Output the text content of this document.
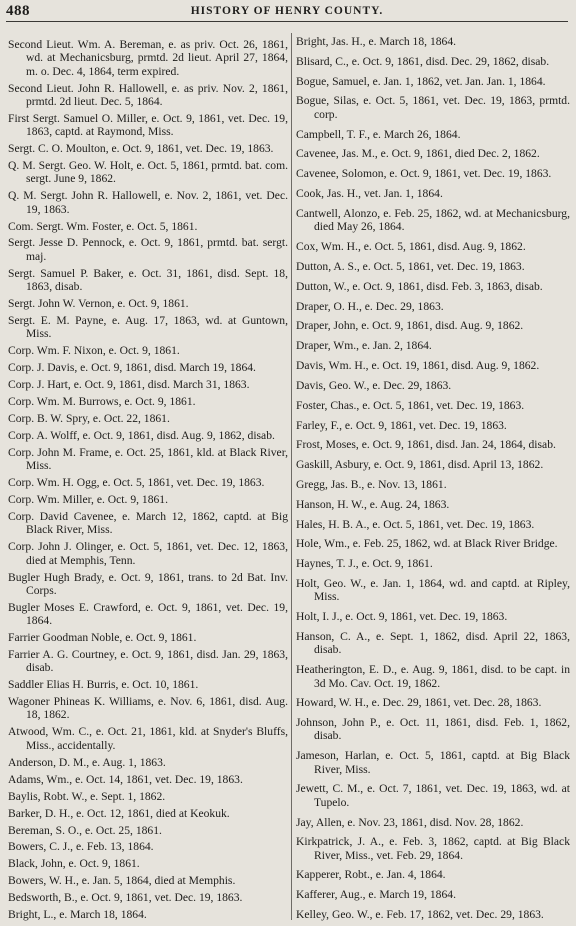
488	HISTORY OF HENRY COUNTY.
Second Lieut. Wm. A. Bereman, e. as priv. Oct. 26, 1861, wd. at Mechanicsburg, prmtd. 2d lieut. April 27, 1864, m. o. Dec. 4, 1864, term expired.
Second Lieut. John R. Hallowell, e. as priv. Nov. 2, 1861, prmtd. 2d lieut. Dec. 5, 1864.
First Sergt. Samuel O. Miller, e. Oct. 9, 1861, vet. Dec. 19, 1863, captd. at Raymond, Miss.
Sergt. C. O. Moulton, e. Oct. 9, 1861, vet. Dec. 19, 1863.
Q. M. Sergt. Geo. W. Holt, e. Oct. 5, 1861, prmtd. bat. com. sergt. June 9, 1862.
Q. M. Sergt. John R. Hallowell, e. Nov. 2, 1861, vet. Dec. 19, 1863.
Com. Sergt. Wm. Foster, e. Oct. 5, 1861.
Sergt. Jesse D. Pennock, e. Oct. 9, 1861, prmtd. bat. sergt. maj.
Sergt. Samuel P. Baker, e. Oct. 31, 1861, disd. Sept. 18, 1863, disab.
Sergt. John W. Vernon, e. Oct. 9, 1861.
Sergt. E. M. Payne, e. Aug. 17, 1863, wd. at Guntown, Miss.
Corp. Wm. F. Nixon, e. Oct. 9, 1861.
Corp. J. Davis, e. Oct. 9, 1861, disd. March 19, 1864.
Corp. J. Hart, e. Oct. 9, 1861, disd. March 31, 1863.
Corp. Wm. M. Burrows, e. Oct. 9, 1861.
Corp. B. W. Spry, e. Oct. 22, 1861.
Corp. A. Wolff, e. Oct. 9, 1861, disd. Aug. 9, 1862, disab.
Corp. John M. Frame, e. Oct. 25, 1861, kld. at Black River, Miss.
Corp. Wm. H. Ogg, e. Oct. 5, 1861, vet. Dec. 19, 1863.
Corp. Wm. Miller, e. Oct. 9, 1861.
Corp. David Cavenee, e. March 12, 1862, captd. at Big Black River, Miss.
Corp. John J. Olinger, e. Oct. 5, 1861, vet. Dec. 12, 1863, died at Memphis, Tenn.
Bugler Hugh Brady, e. Oct. 9, 1861, trans. to 2d Bat. Inv. Corps.
Bugler Moses E. Crawford, e. Oct. 9, 1861, vet. Dec. 19, 1864.
Farrier Goodman Noble, e. Oct. 9, 1861.
Farrier A. G. Courtney, e. Oct. 9, 1861, disd. Jan. 29, 1863, disab.
Saddler Elias H. Burris, e. Oct. 10, 1861.
Wagoner Phineas K. Williams, e. Nov. 6, 1861, disd. Aug. 18, 1862.
Atwood, Wm. C., e. Oct. 21, 1861, kld. at Snyder's Bluffs, Miss., accidentally.
Anderson, D. M., e. Aug. 1, 1863.
Adams, Wm., e. Oct. 14, 1861, vet. Dec. 19, 1863.
Baylis, Robt. W., e. Sept. 1, 1862.
Barker, D. H., e. Oct. 12, 1861, died at Keokuk.
Bereman, S. O., e. Oct. 25, 1861.
Bowers, C. J., e. Feb. 13, 1864.
Black, John, e. Oct. 9, 1861.
Bowers, W. H., e. Jan. 5, 1864, died at Memphis.
Bedsworth, B., e. Oct. 9, 1861, vet. Dec. 19, 1863.
Bright, L., e. March 18, 1864.
Bright, Jas. H., e. March 18, 1864.
Blisard, C., e. Oct. 9, 1861, disd. Dec. 29, 1862, disab.
Bogue, Samuel, e. Jan. 1, 1862, vet. Jan. Jan. 1, 1864.
Bogue, Silas, e. Oct. 5, 1861, vet. Dec. 19, 1863, prmtd. corp.
Campbell, T. F., e. March 26, 1864.
Cavenee, Jas. M., e. Oct. 9, 1861, died Dec. 2, 1862.
Cavenee, Solomon, e. Oct. 9, 1861, vet. Dec. 19, 1863.
Cook, Jas. H., vet. Jan. 1, 1864.
Cantwell, Alonzo, e. Feb. 25, 1862, wd. at Mechanicsburg, died May 26, 1864.
Cox, Wm. H., e. Oct. 5, 1861, disd. Aug. 9, 1862.
Dutton, A. S., e. Oct. 5, 1861, vet. Dec. 19, 1863.
Dutton, W., e. Oct. 9, 1861, disd. Feb. 3, 1863, disab.
Draper, O. H., e. Dec. 29, 1863.
Draper, John, e. Oct. 9, 1861, disd. Aug. 9, 1862.
Draper, Wm., e. Jan. 2, 1864.
Davis, Wm. H., e. Oct. 19, 1861, disd. Aug. 9, 1862.
Davis, Geo. W., e. Dec. 29, 1863.
Foster, Chas., e. Oct. 5, 1861, vet. Dec. 19, 1863.
Farley, F., e. Oct. 9, 1861, vet. Dec. 19, 1863.
Frost, Moses, e. Oct. 9, 1861, disd. Jan. 24, 1864, disab.
Gaskill, Asbury, e. Oct. 9, 1861, disd. April 13, 1862.
Gregg, Jas. B., e. Nov. 13, 1861.
Hanson, H. W., e. Aug. 24, 1863.
Hales, H. B. A., e. Oct. 5, 1861, vet. Dec. 19, 1863.
Hole, Wm., e. Feb. 25, 1862, wd. at Black River Bridge.
Haynes, T. J., e. Oct. 9, 1861.
Holt, Geo. W., e. Jan. 1, 1864, wd. and captd. at Ripley, Miss.
Holt, I. J., e. Oct. 9, 1861, vet. Dec. 19, 1863.
Hanson, C. A., e. Sept. 1, 1862, disd. April 22, 1863, disab.
Heatherington, E. D., e. Aug. 9, 1861, disd. to be capt. in 3d Mo. Cav. Oct. 19, 1862.
Howard, W. H., e. Dec. 29, 1861, vet. Dec. 28, 1863.
Johnson, John P., e. Oct. 11, 1861, disd. Feb. 1, 1862, disab.
Jameson, Harlan, e. Oct. 5, 1861, captd. at Big Black River, Miss.
Jewett, C. M., e. Oct. 7, 1861, vet. Dec. 19, 1863, wd. at Tupelo.
Jay, Allen, e. Nov. 23, 1861, disd. Nov. 28, 1862.
Kirkpatrick, J. A., e. Feb. 3, 1862, captd. at Big Black River, Miss., vet. Feb. 29, 1864.
Kapperer, Robt., e. Jan. 4, 1864.
Kafferer, Aug., e. March 19, 1864.
Kelley, Geo. W., e. Feb. 17, 1862, vet. Dec. 29, 1863.
